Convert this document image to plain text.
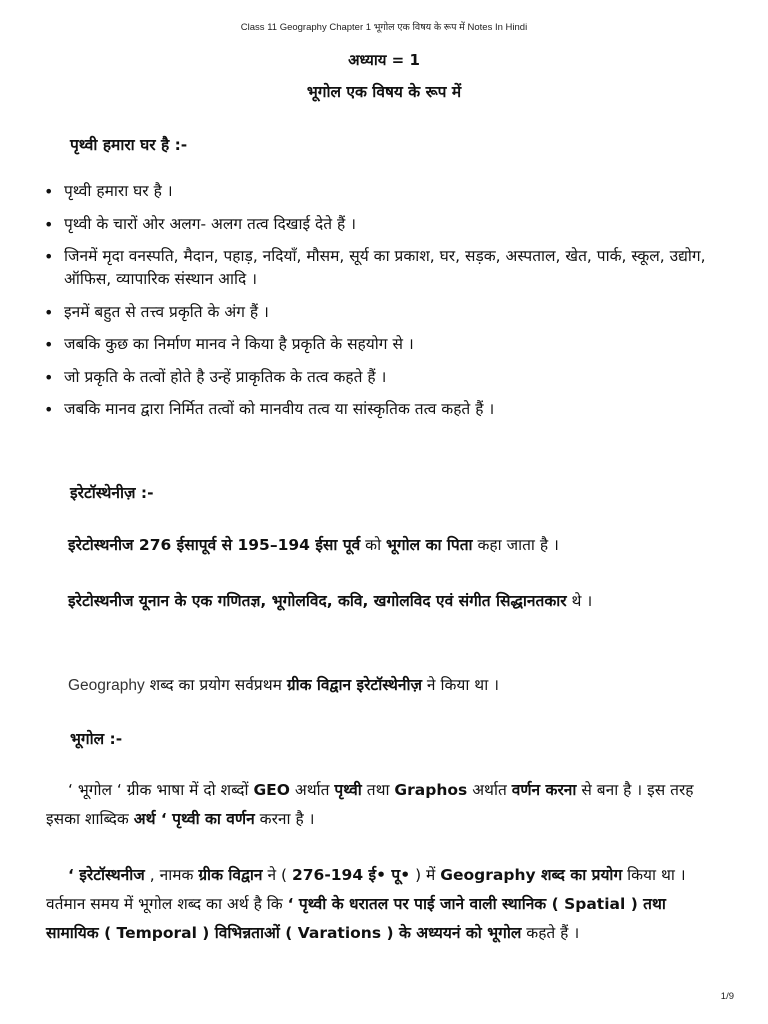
Class 11 Geography Chapter 1 भूगोल एक विषय के रूप में Notes In Hindi
अध्याय = 1
भूगोल एक विषय के रूप में
पृथ्वी हमारा घर है :-
• पृथ्वी हमारा घर है ।
• पृथ्वी के चारों ओर अलग- अलग तत्व दिखाई देते हैं ।
• जिनमें मृदा वनस्पति, मैदान, पहाड़, नदियाँ, मौसम, सूर्य का प्रकाश, घर, सड़क, अस्पताल, खेत, पार्क, स्कूल, उद्योग, ऑफिस, व्यापारिक संस्थान आदि ।
• इनमें बहुत से तत्त्व प्रकृति के अंग हैं ।
• जबकि कुछ का निर्माण मानव ने किया है प्रकृति के सहयोग से ।
• जो प्रकृति के तत्वों होते है उन्हें प्राकृतिक के तत्व कहते हैं ।
• जबकि मानव द्वारा निर्मित तत्वों को मानवीय तत्व या सांस्कृतिक तत्व कहते हैं ।
इरेटॉस्थेनीज़ :-
इरेटोस्थनीज 276 ईसापूर्व से 195–194 ईसा पूर्व को भूगोल का पिता कहा जाता है ।
इरेटोस्थनीज यूनान के एक गणितज्ञ, भूगोलविद, कवि, खगोलविद एवं संगीत सिद्धानतकार थे ।
Geography शब्द का प्रयोग सर्वप्रथम ग्रीक विद्वान इरेटॉस्थेनीज़ ने किया था ।
भूगोल :-
‘ भूगोल ‘ ग्रीक भाषा में दो शब्दों GEO अर्थात पृथ्वी तथा Graphos अर्थात वर्णन करना से बना है । इस तरह इसका शाब्दिक अर्थ ‘ पृथ्वी का वर्णन करना है ।
‘ इरेटॉस्थनीज , नामक ग्रीक विद्वान ने ( 276-194 ई• पू• ) में Geography शब्द का प्रयोग किया था । वर्तमान समय में भूगोल शब्द का अर्थ है कि ‘ पृथ्वी के धरातल पर पाई जाने वाली स्थानिक ( Spatial ) तथा सामायिक ( Temporal ) विभिन्नताओं ( Varations ) के अध्ययनं को भूगोल कहते हैं ।
1/9
